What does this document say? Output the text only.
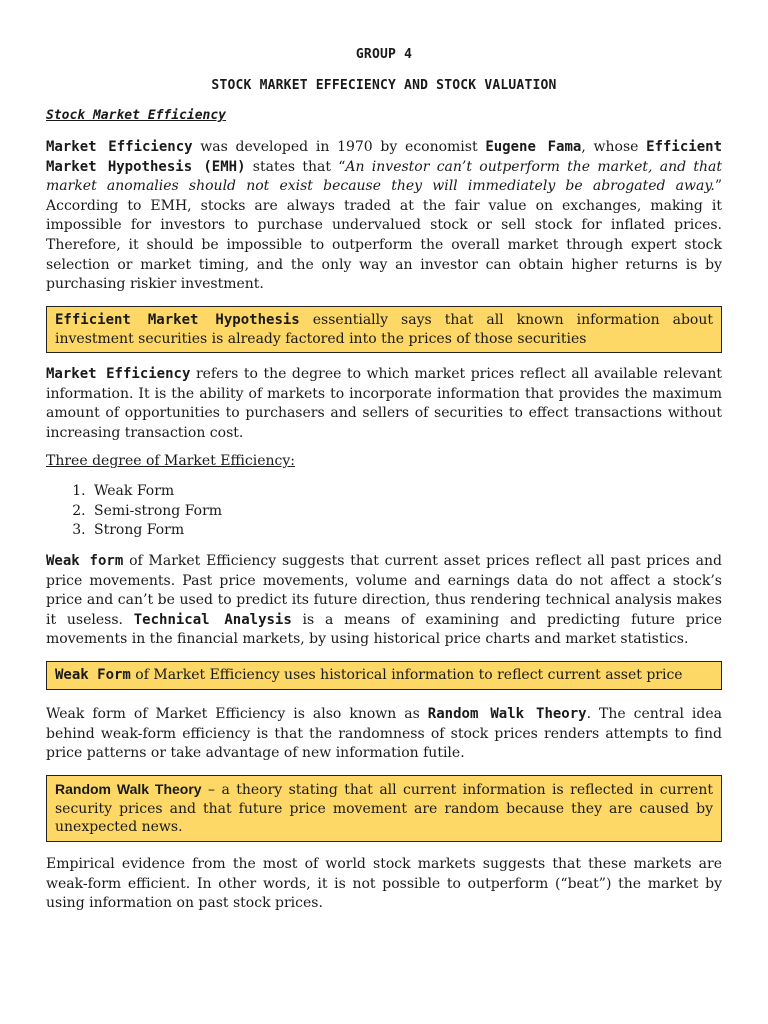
GROUP 4
STOCK MARKET EFFECIENCY AND STOCK VALUATION
Stock Market Efficiency

Market Efficiency was developed in 1970 by economist Eugene Fama, whose Efficient Market Hypothesis (EMH) states that “An investor can’t outperform the market, and that market anomalies should not exist because they will immediately be abrogated away.” According to EMH, stocks are always traded at the fair value on exchanges, making it impossible for investors to purchase undervalued stock or sell stock for inflated prices. Therefore, it should be impossible to outperform the overall market through expert stock selection or market timing, and the only way an investor can obtain higher returns is by purchasing riskier investment.

Efficient Market Hypothesis essentially says that all known information about investment securities is already factored into the prices of those securities

Market Efficiency refers to the degree to which market prices reflect all available relevant information. It is the ability of markets to incorporate information that provides the maximum amount of opportunities to purchasers and sellers of securities to effect transactions without increasing transaction cost.

Three degree of Market Efficiency:

1. Weak Form
2. Semi-strong Form
3. Strong Form

Weak form of Market Efficiency suggests that current asset prices reflect all past prices and price movements. Past price movements, volume and earnings data do not affect a stock’s price and can’t be used to predict its future direction, thus rendering technical analysis makes it useless. Technical Analysis is a means of examining and predicting future price movements in the financial markets, by using historical price charts and market statistics.

Weak Form of Market Efficiency uses historical information to reflect current asset price

Weak form of Market Efficiency is also known as Random Walk Theory. The central idea behind weak-form efficiency is that the randomness of stock prices renders attempts to find price patterns or take advantage of new information futile.

Random Walk Theory – a theory stating that all current information is reflected in current security prices and that future price movement are random because they are caused by unexpected news.

Empirical evidence from the most of world stock markets suggests that these markets are weak-form efficient. In other words, it is not possible to outperform (“beat”) the market by using information on past stock prices.
